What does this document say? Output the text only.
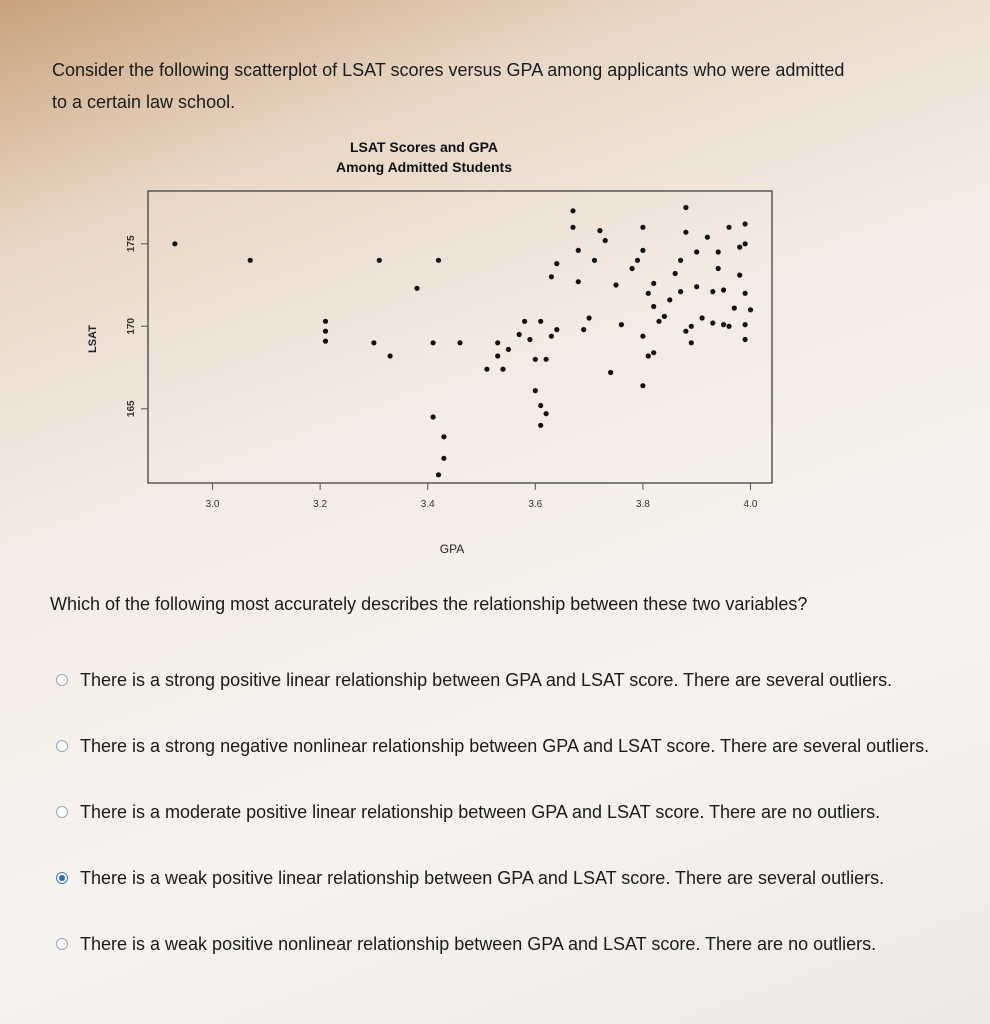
Consider the following scatterplot of LSAT scores versus GPA among applicants who were admitted to a certain law school.
LSAT Scores and GPA
Among Admitted Students
LSAT
GPA
3.0	3.2	3.4	3.6	3.8	4.0
165
170
175
Which of the following most accurately describes the relationship between these two variables?
There is a strong positive linear relationship between GPA and LSAT score. There are several outliers.
There is a strong negative nonlinear relationship between GPA and LSAT score. There are several outliers.
There is a moderate positive linear relationship between GPA and LSAT score. There are no outliers.
There is a weak positive linear relationship between GPA and LSAT score. There are several outliers.
There is a weak positive nonlinear relationship between GPA and LSAT score. There are no outliers.
